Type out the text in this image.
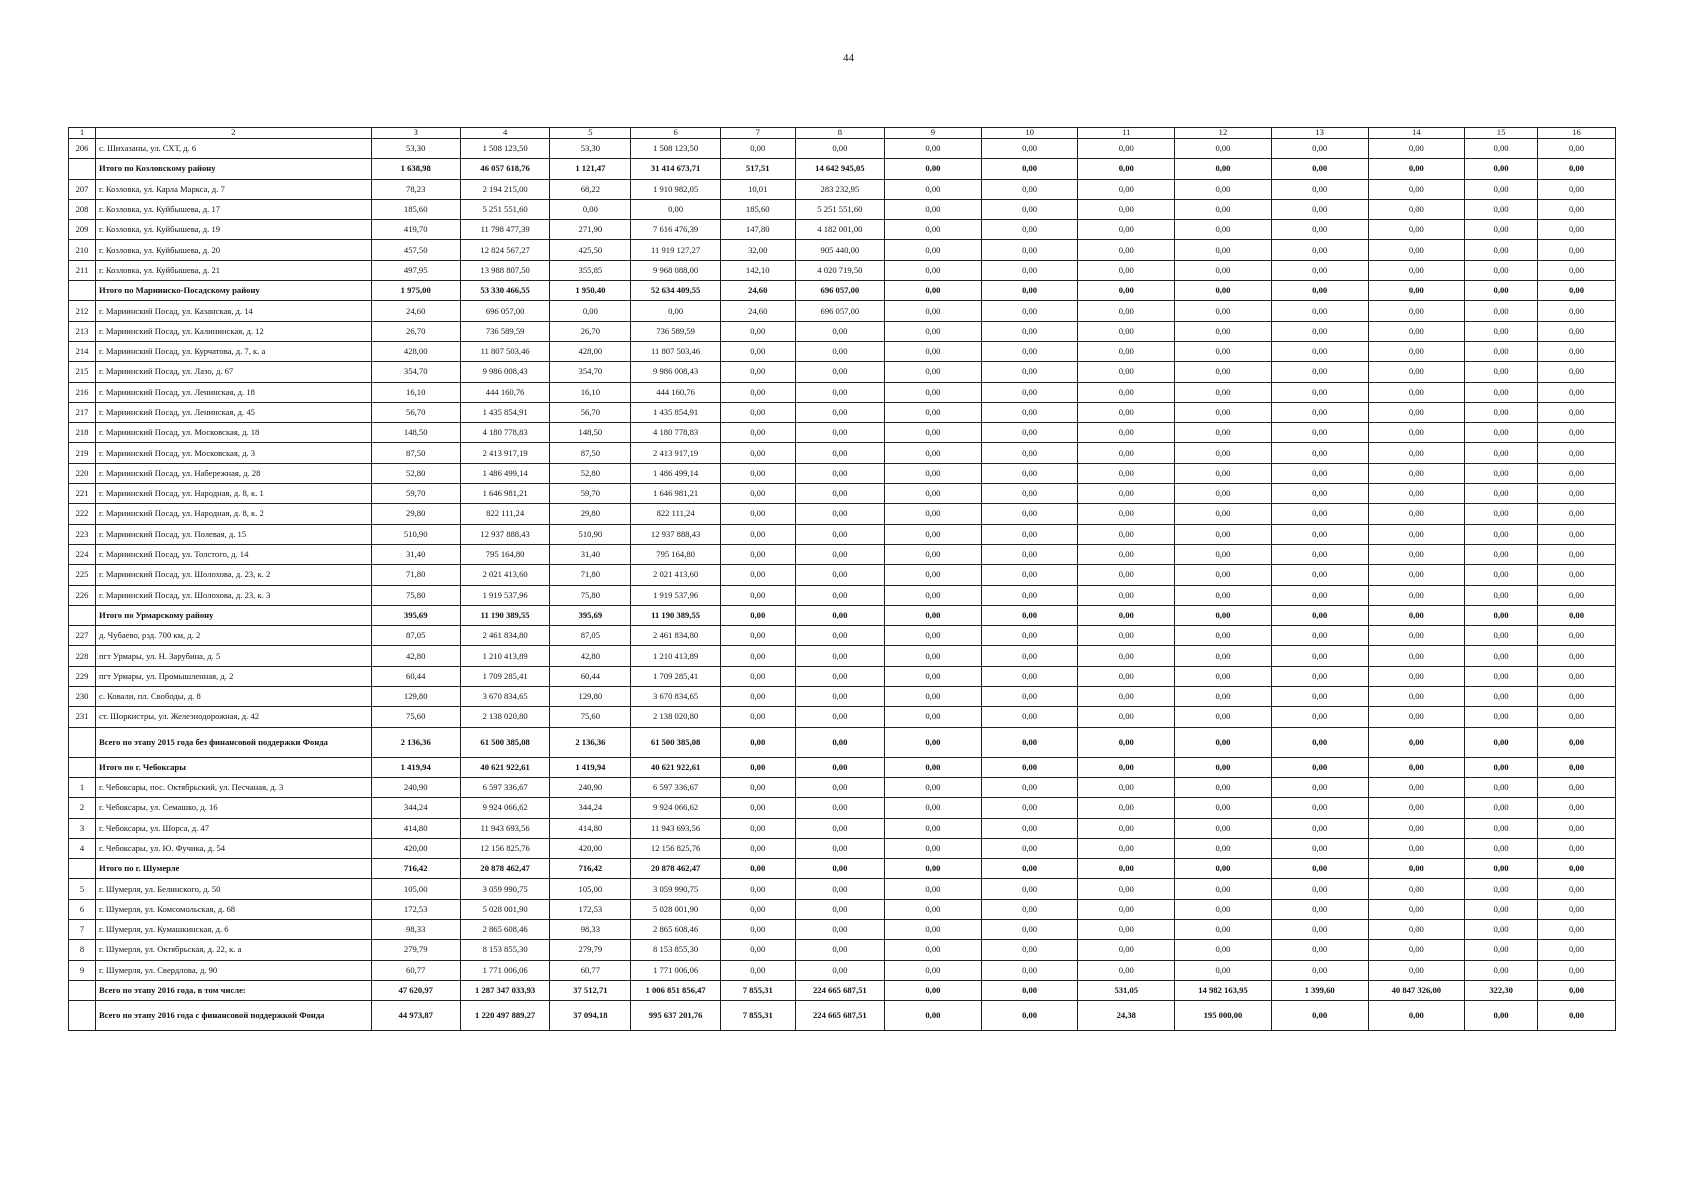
44
1	2	3	4	5	6	7	8	9	10	11	12	13	14	15	16
206	с. Шихазаны, ул. СХТ, д. 6	53,30	1 508 123,50	53,30	1 508 123,50	0,00	0,00	0,00	0,00	0,00	0,00	0,00	0,00	0,00	0,00
	Итого по Козловскому району	1 638,98	46 057 618,76	1 121,47	31 414 673,71	517,51	14 642 945,05	0,00	0,00	0,00	0,00	0,00	0,00	0,00	0,00
207	г. Козловка, ул. Карла Маркса, д. 7	78,23	2 194 215,00	68,22	1 910 982,05	10,01	283 232,95	0,00	0,00	0,00	0,00	0,00	0,00	0,00	0,00
208	г. Козловка, ул. Куйбышева, д. 17	185,60	5 251 551,60	0,00	0,00	185,60	5 251 551,60	0,00	0,00	0,00	0,00	0,00	0,00	0,00	0,00
209	г. Козловка, ул. Куйбышева, д. 19	419,70	11 798 477,39	271,90	7 616 476,39	147,80	4 182 001,00	0,00	0,00	0,00	0,00	0,00	0,00	0,00	0,00
210	г. Козловка, ул. Куйбышева, д. 20	457,50	12 824 567,27	425,50	11 919 127,27	32,00	905 440,00	0,00	0,00	0,00	0,00	0,00	0,00	0,00	0,00
211	г. Козловка, ул. Куйбышева, д. 21	497,95	13 988 807,50	355,85	9 968 088,00	142,10	4 020 719,50	0,00	0,00	0,00	0,00	0,00	0,00	0,00	0,00
	Итого по Мариинско-Посадскому району	1 975,00	53 330 466,55	1 950,40	52 634 409,55	24,60	696 057,00	0,00	0,00	0,00	0,00	0,00	0,00	0,00	0,00
212	г. Мариинский Посад, ул. Казанская, д. 14	24,60	696 057,00	0,00	0,00	24,60	696 057,00	0,00	0,00	0,00	0,00	0,00	0,00	0,00	0,00
213	г. Мариинский Посад, ул. Калининская, д. 12	26,70	736 589,59	26,70	736 589,59	0,00	0,00	0,00	0,00	0,00	0,00	0,00	0,00	0,00	0,00
214	г. Мариинский Посад, ул. Курчатова, д. 7, к. а	428,00	11 807 503,46	428,00	11 807 503,46	0,00	0,00	0,00	0,00	0,00	0,00	0,00	0,00	0,00	0,00
215	г. Мариинский Посад, ул. Лазо, д. 67	354,70	9 986 008,43	354,70	9 986 008,43	0,00	0,00	0,00	0,00	0,00	0,00	0,00	0,00	0,00	0,00
216	г. Мариинский Посад, ул. Ленинская, д. 18	16,10	444 160,76	16,10	444 160,76	0,00	0,00	0,00	0,00	0,00	0,00	0,00	0,00	0,00	0,00
217	г. Мариинский Посад, ул. Ленинская, д. 45	56,70	1 435 854,91	56,70	1 435 854,91	0,00	0,00	0,00	0,00	0,00	0,00	0,00	0,00	0,00	0,00
218	г. Мариинский Посад, ул. Московская, д. 18	148,50	4 180 778,83	148,50	4 180 778,83	0,00	0,00	0,00	0,00	0,00	0,00	0,00	0,00	0,00	0,00
219	г. Мариинский Посад, ул. Московская, д. 3	87,50	2 413 917,19	87,50	2 413 917,19	0,00	0,00	0,00	0,00	0,00	0,00	0,00	0,00	0,00	0,00
220	г. Мариинский Посад, ул. Набережная, д. 28	52,80	1 486 499,14	52,80	1 486 499,14	0,00	0,00	0,00	0,00	0,00	0,00	0,00	0,00	0,00	0,00
221	г. Мариинский Посад, ул. Народная, д. 8, к. 1	59,70	1 646 981,21	59,70	1 646 981,21	0,00	0,00	0,00	0,00	0,00	0,00	0,00	0,00	0,00	0,00
222	г. Мариинский Посад, ул. Народная, д. 8, к. 2	29,80	822 111,24	29,80	822 111,24	0,00	0,00	0,00	0,00	0,00	0,00	0,00	0,00	0,00	0,00
223	г. Мариинский Посад, ул. Полевая, д. 15	510,90	12 937 888,43	510,90	12 937 888,43	0,00	0,00	0,00	0,00	0,00	0,00	0,00	0,00	0,00	0,00
224	г. Мариинский Посад, ул. Толстого, д. 14	31,40	795 164,80	31,40	795 164,80	0,00	0,00	0,00	0,00	0,00	0,00	0,00	0,00	0,00	0,00
225	г. Мариинский Посад, ул. Шолохова, д. 23, к. 2	71,80	2 021 413,60	71,80	2 021 413,60	0,00	0,00	0,00	0,00	0,00	0,00	0,00	0,00	0,00	0,00
226	г. Мариинский Посад, ул. Шолохова, д. 23, к. 3	75,80	1 919 537,96	75,80	1 919 537,96	0,00	0,00	0,00	0,00	0,00	0,00	0,00	0,00	0,00	0,00
	Итого по Урмарскому району	395,69	11 190 389,55	395,69	11 190 389,55	0,00	0,00	0,00	0,00	0,00	0,00	0,00	0,00	0,00	0,00
227	д. Чубаево, рзд. 700 км, д. 2	87,05	2 461 834,80	87,05	2 461 834,80	0,00	0,00	0,00	0,00	0,00	0,00	0,00	0,00	0,00	0,00
228	пгт Урмары, ул. Н. Зарубина, д. 5	42,80	1 210 413,89	42,80	1 210 413,89	0,00	0,00	0,00	0,00	0,00	0,00	0,00	0,00	0,00	0,00
229	пгт Урмары, ул. Промышленная, д. 2	60,44	1 709 285,41	60,44	1 709 285,41	0,00	0,00	0,00	0,00	0,00	0,00	0,00	0,00	0,00	0,00
230	с. Ковали, пл. Свободы, д. 8	129,80	3 670 834,65	129,80	3 670 834,65	0,00	0,00	0,00	0,00	0,00	0,00	0,00	0,00	0,00	0,00
231	ст. Шоркистры, ул. Железнодорожная, д. 42	75,60	2 138 020,80	75,60	2 138 020,80	0,00	0,00	0,00	0,00	0,00	0,00	0,00	0,00	0,00	0,00
	Всего по этапу 2015 года без финансовой поддержки Фонда	2 136,36	61 500 385,08	2 136,36	61 500 385,08	0,00	0,00	0,00	0,00	0,00	0,00	0,00	0,00	0,00	0,00
	Итого по г. Чебоксары	1 419,94	40 621 922,61	1 419,94	40 621 922,61	0,00	0,00	0,00	0,00	0,00	0,00	0,00	0,00	0,00	0,00
1	г. Чебоксары, пос. Октябрьский, ул. Песчаная, д. 3	240,90	6 597 336,67	240,90	6 597 336,67	0,00	0,00	0,00	0,00	0,00	0,00	0,00	0,00	0,00	0,00
2	г. Чебоксары, ул. Семашко, д. 16	344,24	9 924 066,62	344,24	9 924 066,62	0,00	0,00	0,00	0,00	0,00	0,00	0,00	0,00	0,00	0,00
3	г. Чебоксары, ул. Шорса, д. 47	414,80	11 943 693,56	414,80	11 943 693,56	0,00	0,00	0,00	0,00	0,00	0,00	0,00	0,00	0,00	0,00
4	г. Чебоксары, ул. Ю. Фучика, д. 54	420,00	12 156 825,76	420,00	12 156 825,76	0,00	0,00	0,00	0,00	0,00	0,00	0,00	0,00	0,00	0,00
	Итого по г. Шумерле	716,42	20 878 462,47	716,42	20 878 462,47	0,00	0,00	0,00	0,00	0,00	0,00	0,00	0,00	0,00	0,00
5	г. Шумерля, ул. Белинского, д. 50	105,00	3 059 990,75	105,00	3 059 990,75	0,00	0,00	0,00	0,00	0,00	0,00	0,00	0,00	0,00	0,00
6	г. Шумерля, ул. Комсомольская, д. 68	172,53	5 028 001,90	172,53	5 028 001,90	0,00	0,00	0,00	0,00	0,00	0,00	0,00	0,00	0,00	0,00
7	г. Шумерля, ул. Кумашкинская, д. 6	98,33	2 865 608,46	98,33	2 865 608,46	0,00	0,00	0,00	0,00	0,00	0,00	0,00	0,00	0,00	0,00
8	г. Шумерля, ул. Октябрьская, д. 22, к. а	279,79	8 153 855,30	279,79	8 153 855,30	0,00	0,00	0,00	0,00	0,00	0,00	0,00	0,00	0,00	0,00
9	г. Шумерля, ул. Свердлова, д. 90	60,77	1 771 006,06	60,77	1 771 006,06	0,00	0,00	0,00	0,00	0,00	0,00	0,00	0,00	0,00	0,00
	Всего по этапу 2016 года, в том числе:	47 620,97	1 287 347 033,93	37 512,71	1 006 851 856,47	7 855,31	224 665 687,51	0,00	0,00	531,05	14 982 163,95	1 399,60	40 847 326,00	322,30	0,00
	Всего по этапу 2016 года с финансовой поддержкой Фонда	44 973,87	1 220 497 889,27	37 094,18	995 637 201,76	7 855,31	224 665 687,51	0,00	0,00	24,38	195 000,00	0,00	0,00	0,00	0,00
